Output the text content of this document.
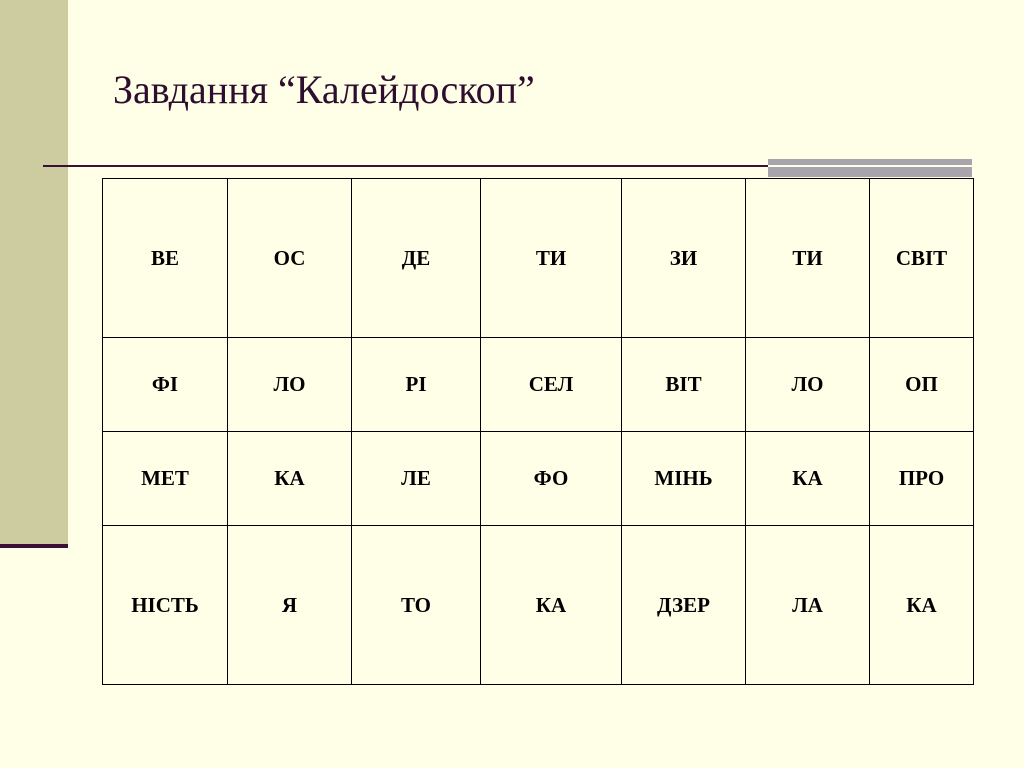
Завдання “Калейдоскоп”
ВЕ	ОС	ДЕ	ТИ	ЗИ	ТИ	СВІТ
ФІ	ЛО	РІ	СЕЛ	ВІТ	ЛО	ОП
МЕТ	КА	ЛЕ	ФО	МІНЬ	КА	ПРО
НІСТЬ	Я	ТО	КА	ДЗЕР	ЛА	КА
